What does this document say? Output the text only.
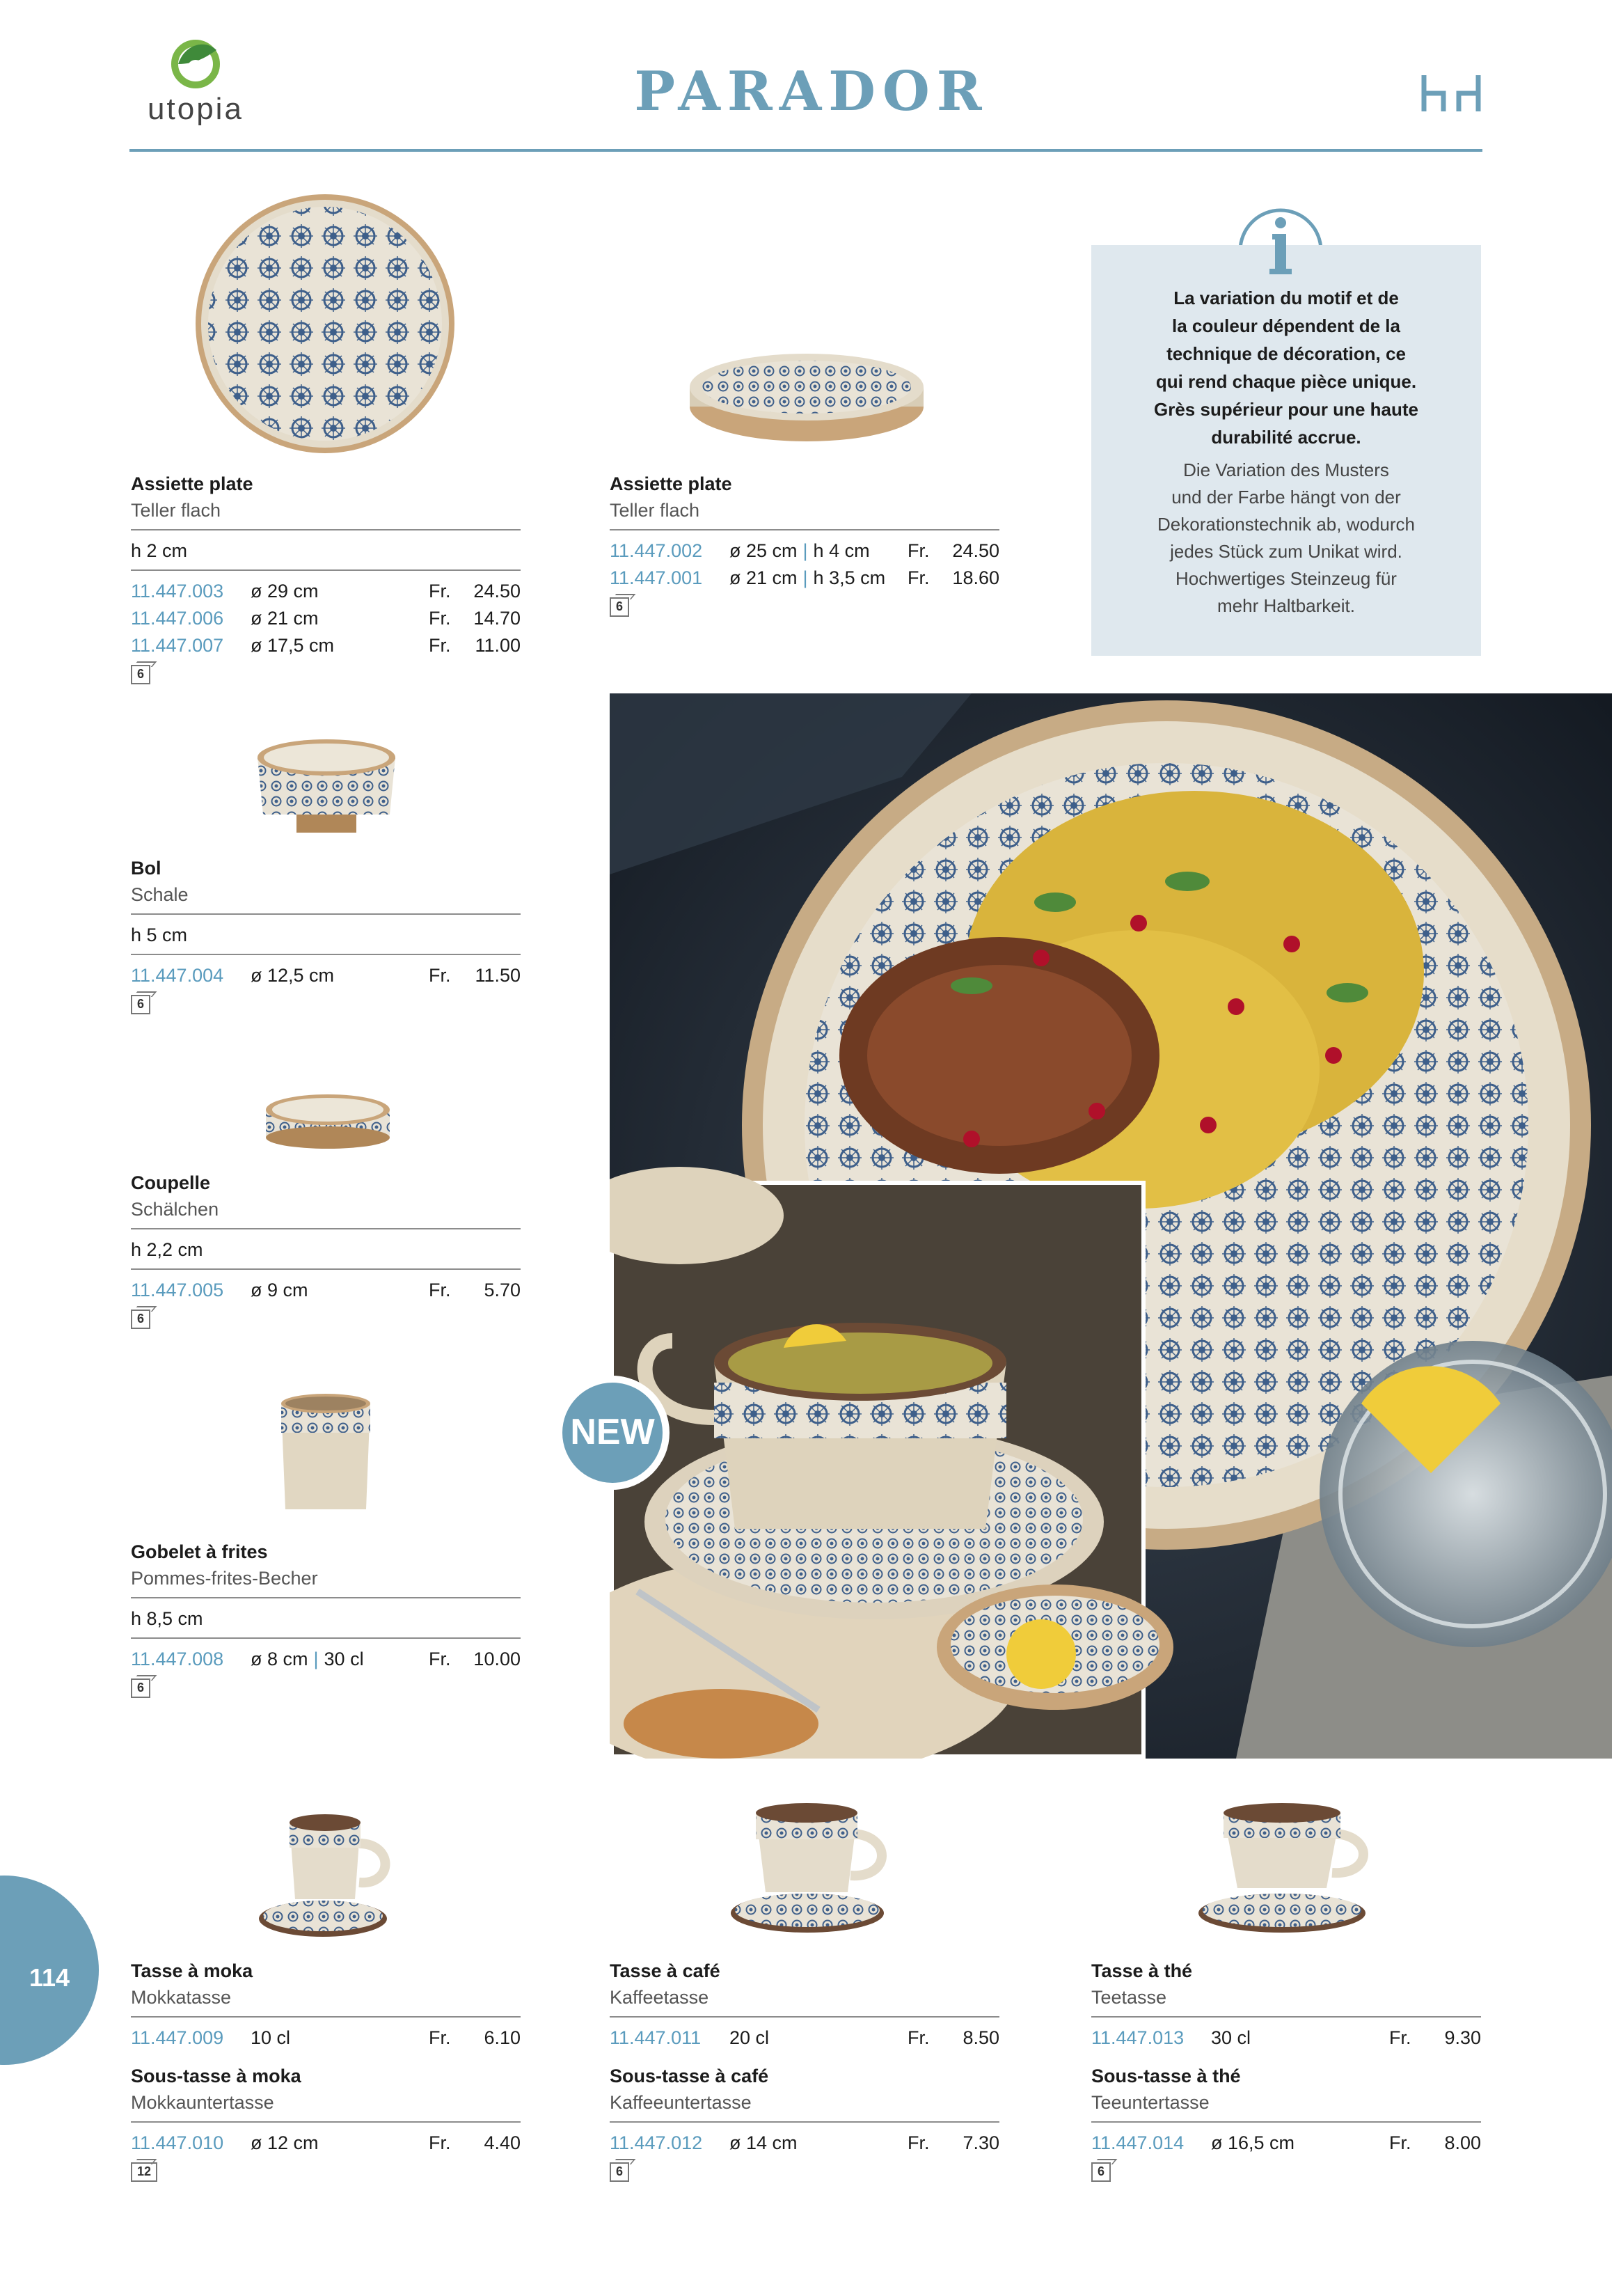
utopia	PARADOR
Assiette plate
Teller flach
h 2 cm
11.447.003	ø 29 cm	Fr.	24.50
11.447.006	ø 21 cm	Fr.	14.70
11.447.007	ø 17,5 cm	Fr.	11.00
6
Assiette plate
Teller flach
11.447.002	ø 25 cm | h 4 cm	Fr.	24.50
11.447.001	ø 21 cm | h 3,5 cm	Fr.	18.60
6
Bol
Schale
h 5 cm
11.447.004	ø 12,5 cm	Fr.	11.50
6
Coupelle
Schälchen
h 2,2 cm
11.447.005	ø 9 cm	Fr.	5.70
6
Gobelet à frites
Pommes-frites-Becher
h 8,5 cm
11.447.008	ø 8 cm | 30 cl	Fr.	10.00
6
Tasse à moka
Mokkatasse
11.447.009	10 cl	Fr.	6.10
Sous-tasse à moka
Mokkauntertasse
11.447.010	ø 12 cm	Fr.	4.40
12
Tasse à café
Kaffeetasse
11.447.011	20 cl	Fr.	8.50
Sous-tasse à café
Kaffeeuntertasse
11.447.012	ø 14 cm	Fr.	7.30
6
Tasse à thé
Teetasse
11.447.013	30 cl	Fr.	9.30
Sous-tasse à thé
Teeuntertasse
11.447.014	ø 16,5 cm	Fr.	8.00
6
La variation du motif et de
la couleur dépendent de la
technique de décoration, ce
qui rend chaque pièce unique.
Grès supérieur pour une haute
durabilité accrue.
Die Variation des Musters
und der Farbe hängt von der
Dekorationstechnik ab, wodurch
jedes Stück zum Unikat wird.
Hochwertiges Steinzeug für
mehr Haltbarkeit.
NEW
114
